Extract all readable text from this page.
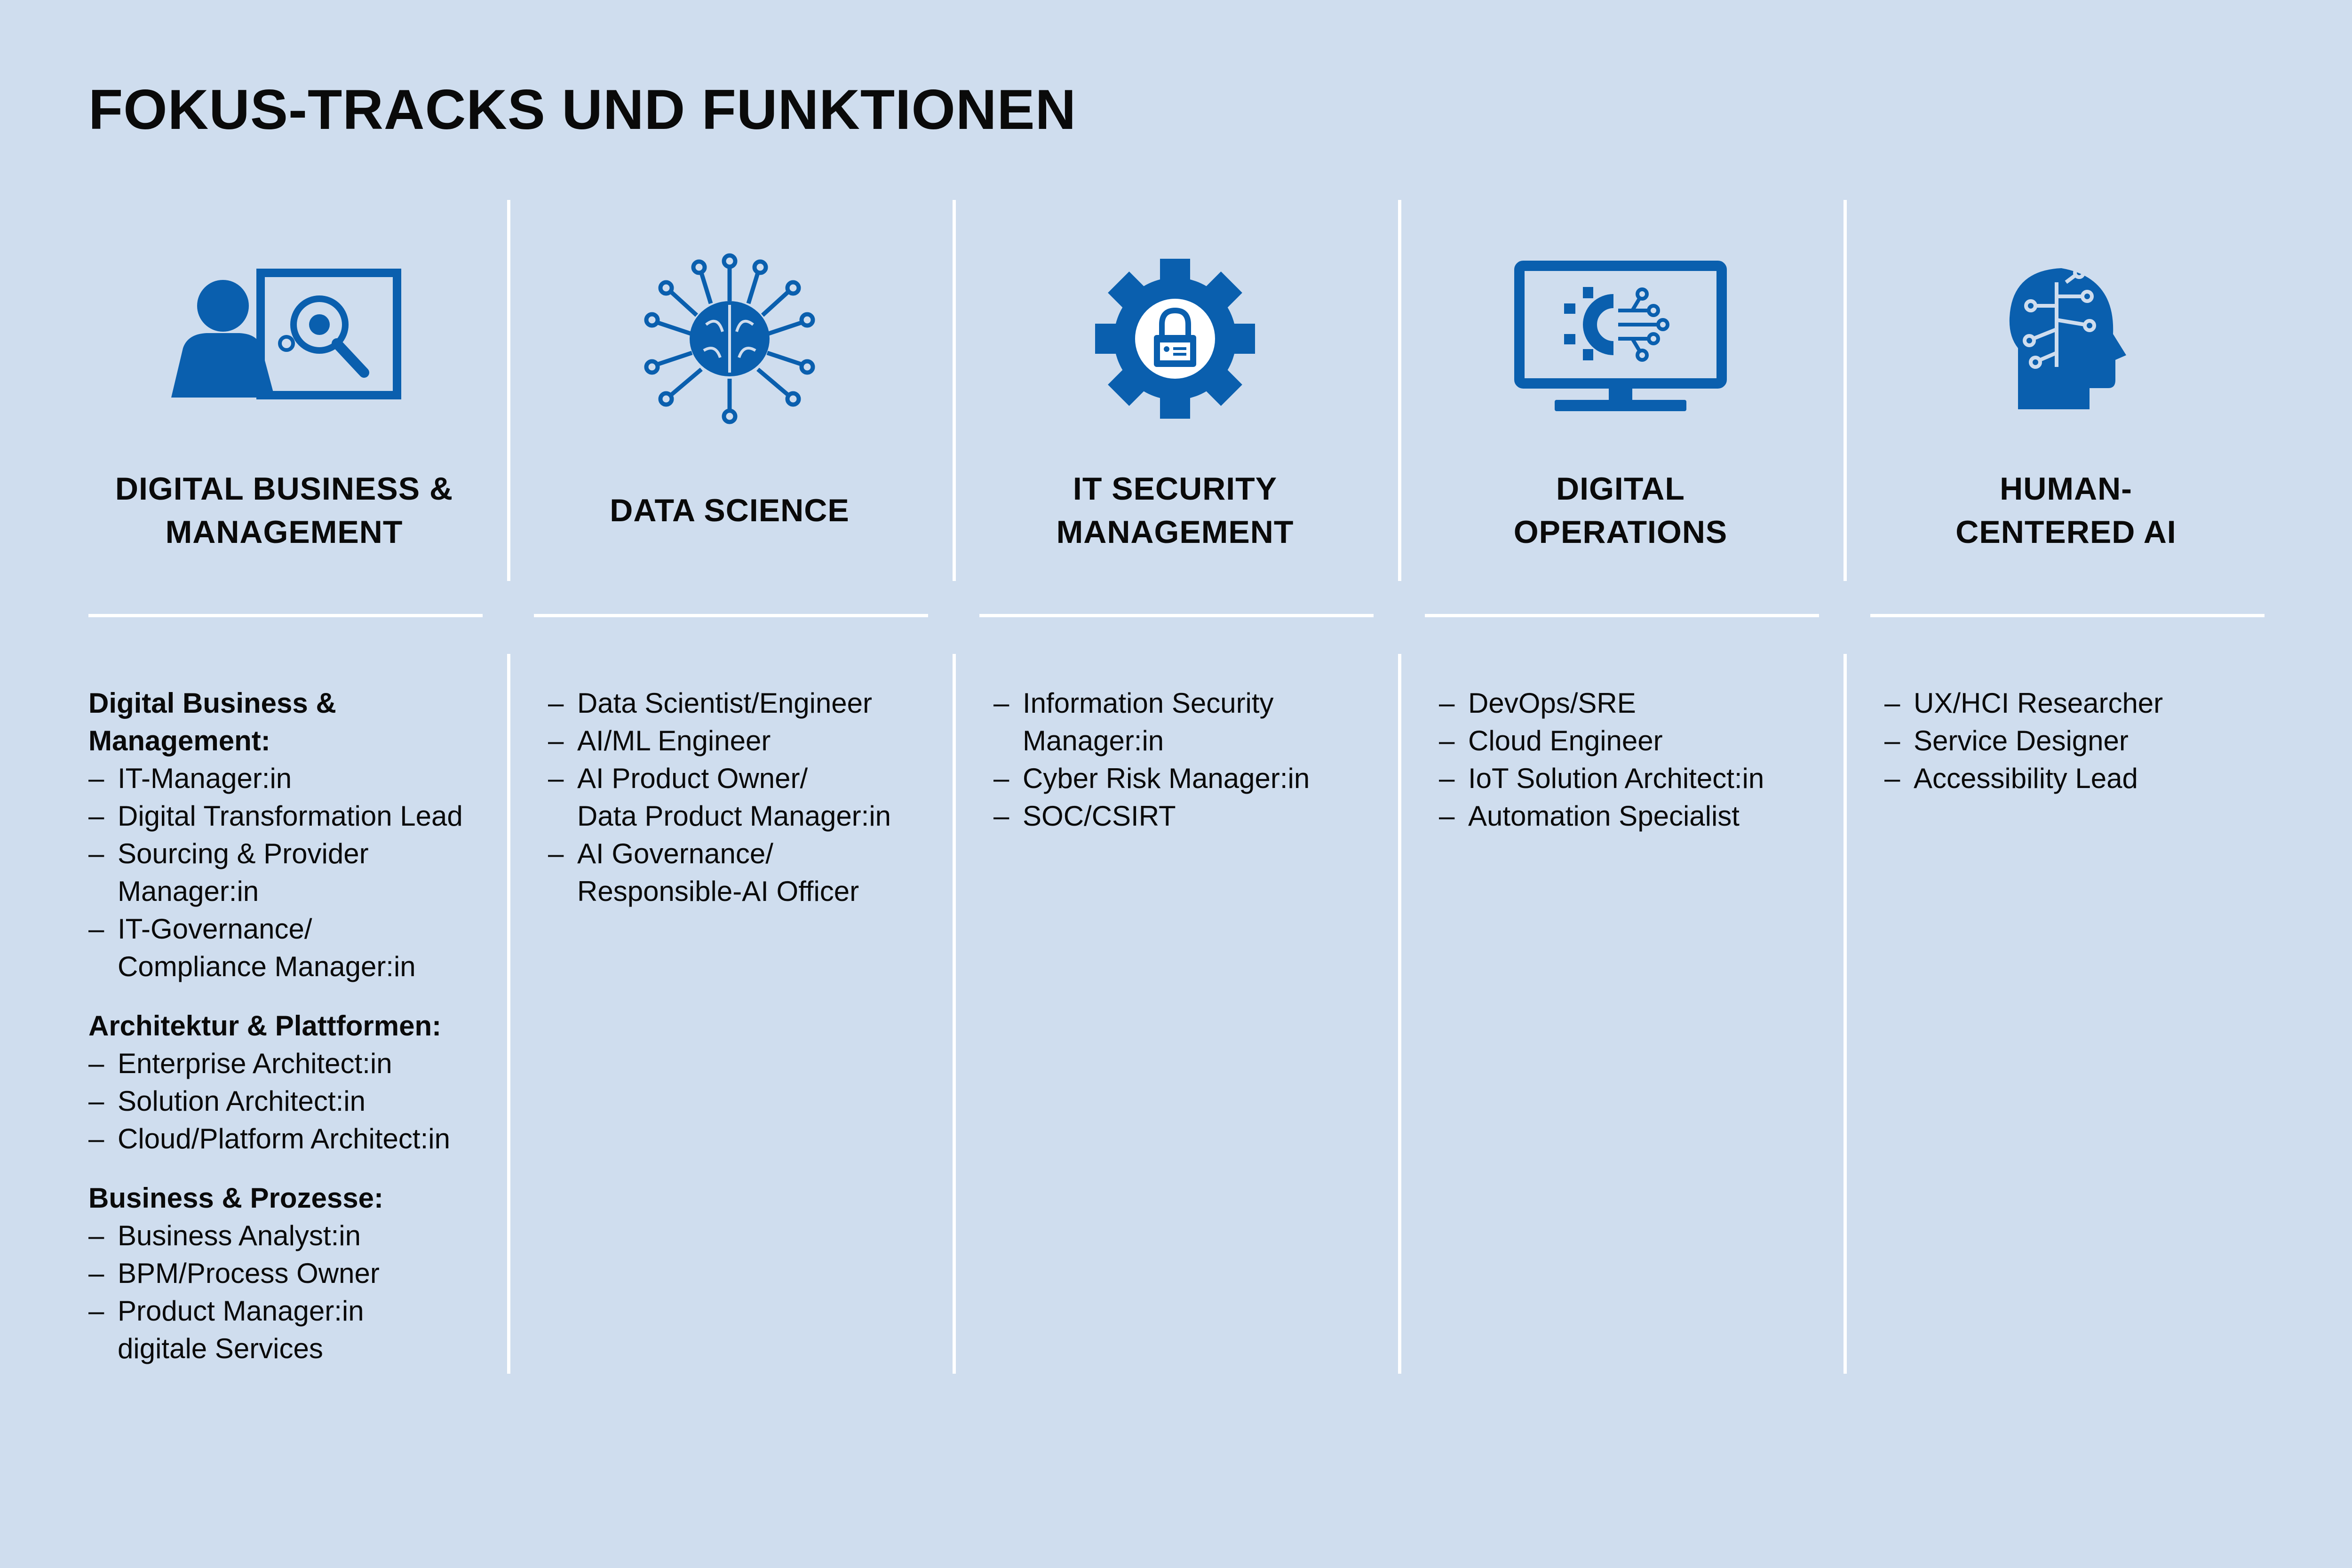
FOKUS-TRACKS UND FUNKTIONEN
DIGITAL BUSINESS &
MANAGEMENT
DATA SCIENCE
IT SECURITY
MANAGEMENT
DIGITAL
OPERATIONS
HUMAN-
CENTERED AI
Digital Business &
Management:
– IT-Manager:in
– Digital Transformation Lead
– Sourcing & Provider
Manager:in
– IT-Governance/
Compliance Manager:in
Architektur & Plattformen:
– Enterprise Architect:in
– Solution Architect:in
– Cloud/Platform Architect:in
Business & Prozesse:
– Business Analyst:in
– BPM/Process Owner
– Product Manager:in
digitale Services
– Data Scientist/Engineer
– AI/ML Engineer
– AI Product Owner/
Data Product Manager:in
– AI Governance/
Responsible-AI Officer
– Information Security
Manager:in
– Cyber Risk Manager:in
– SOC/CSIRT
– DevOps/SRE
– Cloud Engineer
– IoT Solution Architect:in
– Automation Specialist
– UX/HCI Researcher
– Service Designer
– Accessibility Lead
